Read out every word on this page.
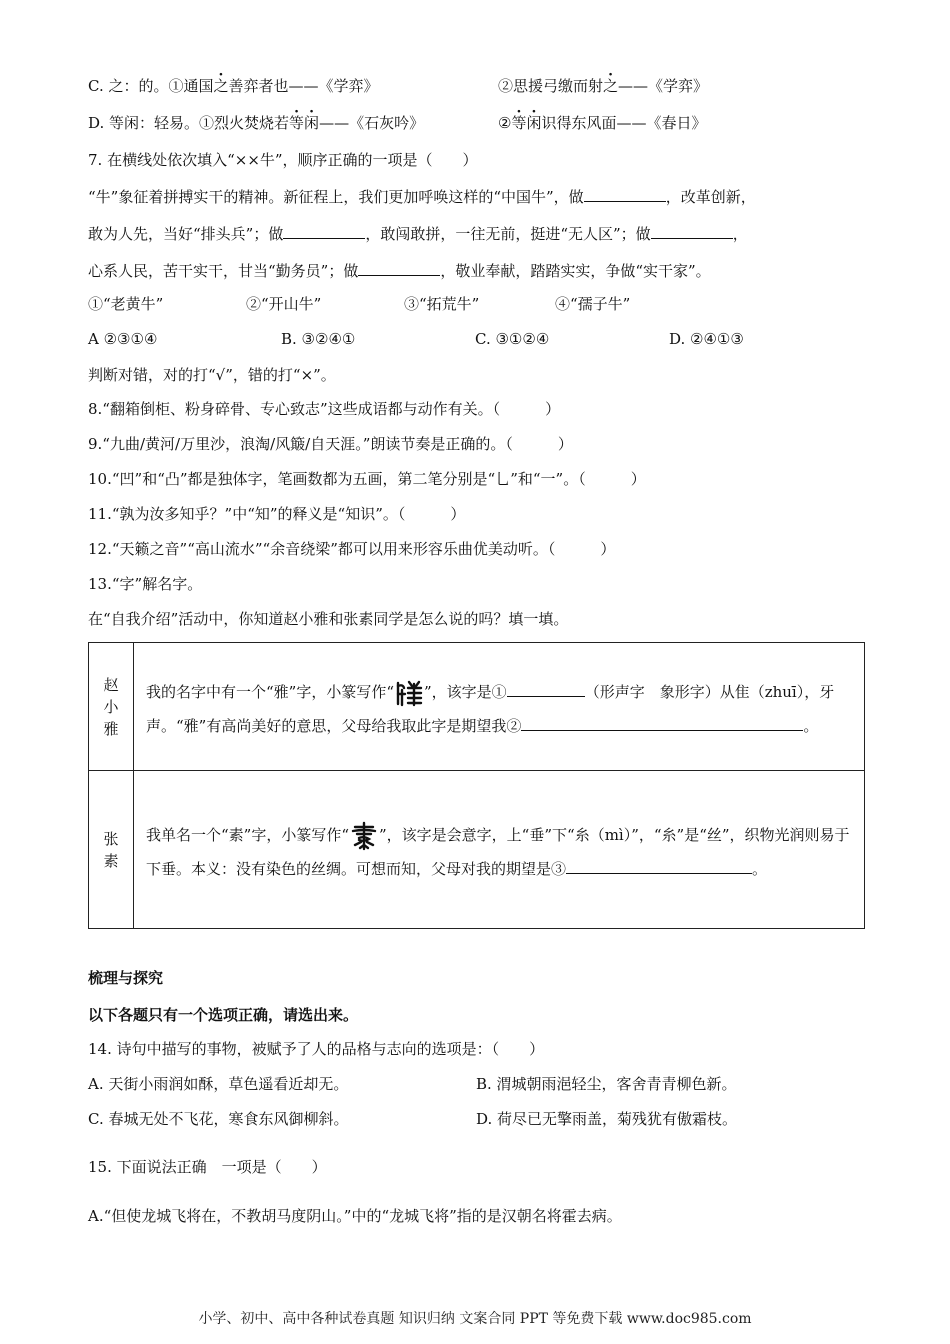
C. 之：的。①通国之善弈者也——《学弈》	②思援弓缴而射之——《学弈》
D. 等闲：轻易。①烈火焚烧若等闲——《石灰吟》	②等闲识得东风面——《春日》
7. 在横线处依次填入“××牛”，顺序正确的一项是（　　）
“牛”象征着拼搏实干的精神。新征程上，我们更加呼唤这样的“中国牛”，做	，改革创新，
敢为人先，当好“排头兵”；做	，敢闯敢拼，一往无前，挺进“无人区”；做	，
心系人民，苦干实干，甘当“勤务员”；做	，敬业奉献，踏踏实实，争做“实干家”。
①“老黄牛”	②“开山牛”	③“拓荒牛”	④“孺子牛”
A ②③①④	B. ③②④①	C. ③①②④	D. ②④①③
判断对错，对的打“√”，错的打“×”。
8.“翻箱倒柜、粉身碎骨、专心致志”这些成语都与动作有关。（　　　）
9.“九曲/黄河/万里沙，浪淘/风簸/自天涯。”朗读节奏是正确的。（　　　）
10.“凹”和“凸”都是独体字，笔画数都为五画，第二笔分别是“乚”和“一”。（　　　）
11.“孰为汝多知乎？”中“知”的释义是“知识”。（　　　）
12.“天籁之音”“高山流水”“余音绕梁”都可以用来形容乐曲优美动听。（　　　）
13.“字”解名字。
在“自我介绍”活动中，你知道赵小雅和张素同学是怎么说的吗？填一填。
赵
小
雅	我的名字中有一个“雅”字，小篆写作“ ”，该字是① （形声字　象形字）从隹（zhuī），牙声。“雅”有高尚美好的意思，父母给我取此字是期望我② 。

张
素	我单名一个“素”字，小篆写作“ ”，该字是会意字，上“垂”下“糸（mì）”，“糸”是“丝”，织物光润则易于下垂。本义：没有染色的丝绸。可想而知，父母对我的期望是③ 。
梳理与探究
以下各题只有一个选项正确，请选出来。
14. 诗句中描写的事物，被赋予了人的品格与志向的选项是：（　　）
A. 天街小雨润如酥，草色遥看近却无。	B. 渭城朝雨浥轻尘，客舍青青柳色新。
C. 春城无处不飞花，寒食东风御柳斜。	D. 荷尽已无擎雨盖，菊残犹有傲霜枝。
15. 下面说法正确　一项是（　　）
A.“但使龙城飞将在，不教胡马度阴山。”中的“龙城飞将”指的是汉朝名将霍去病。
小学、初中、高中各种试卷真题 知识归纳 文案合同 PPT 等免费下载 www.doc985.com
